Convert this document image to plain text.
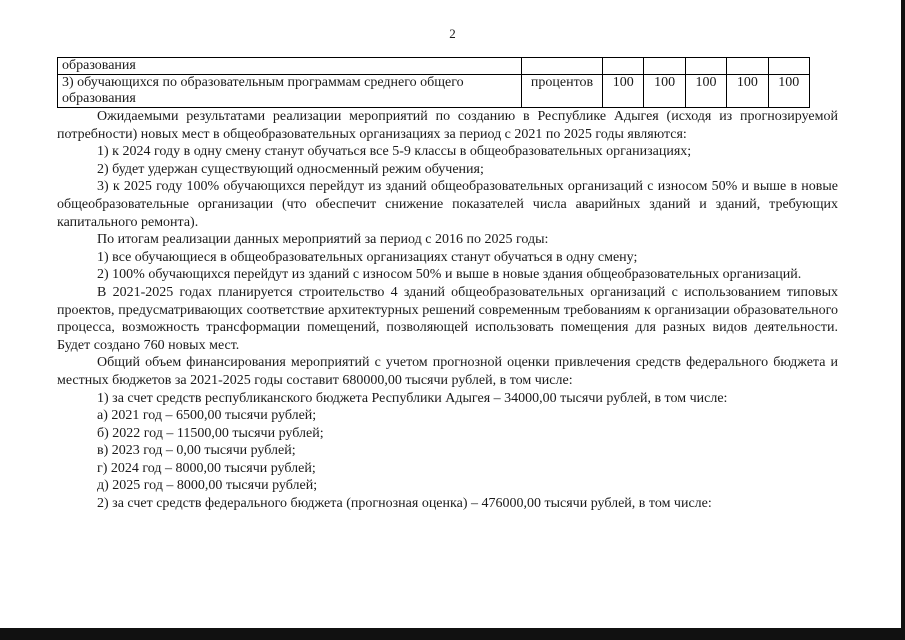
2
образования						
3) обучающихся по образовательным программам среднего общего образования	процентов	100	100	100	100	100

Ожидаемыми результатами реализации мероприятий по созданию в Республике Адыгея (исходя из прогнозируемой потребности) новых мест в общеобразовательных организациях за период с 2021 по 2025 годы являются:

1) к 2024 году в одну смену станут обучаться все 5-9 классы в общеобразовательных организациях;

2) будет удержан существующий односменный режим обучения;

3) к 2025 году 100% обучающихся перейдут из зданий общеобразовательных организаций с износом 50% и выше в новые общеобразовательные организации (что обеспечит снижение показателей числа аварийных зданий и зданий, требующих капитального ремонта).

По итогам реализации данных мероприятий за период с 2016 по 2025 годы:

1) все обучающиеся в общеобразовательных организациях станут обучаться в одну смену;

2) 100% обучающихся перейдут из зданий с износом 50% и выше в новые здания общеобразовательных организаций.

В 2021-2025 годах планируется строительство 4 зданий общеобразовательных организаций с использованием типовых проектов, предусматривающих соответствие архитектурных решений современным требованиям к организации образовательного процесса, возможность трансформации помещений, позволяющей использовать помещения для разных видов деятельности. Будет создано 760 новых мест.

Общий объем финансирования мероприятий с учетом прогнозной оценки привлечения средств федерального бюджета и местных бюджетов за 2021-2025 годы составит 680000,00 тысячи рублей, в том числе:

1) за счет средств республиканского бюджета Республики Адыгея – 34000,00 тысячи рублей, в том числе:

а) 2021 год – 6500,00 тысячи рублей;

б) 2022 год – 11500,00 тысячи рублей;

в) 2023 год – 0,00 тысячи рублей;

г) 2024 год – 8000,00 тысячи рублей;

д) 2025 год – 8000,00 тысячи рублей;

2) за счет средств федерального бюджета (прогнозная оценка) – 476000,00 тысячи рублей, в том числе:
